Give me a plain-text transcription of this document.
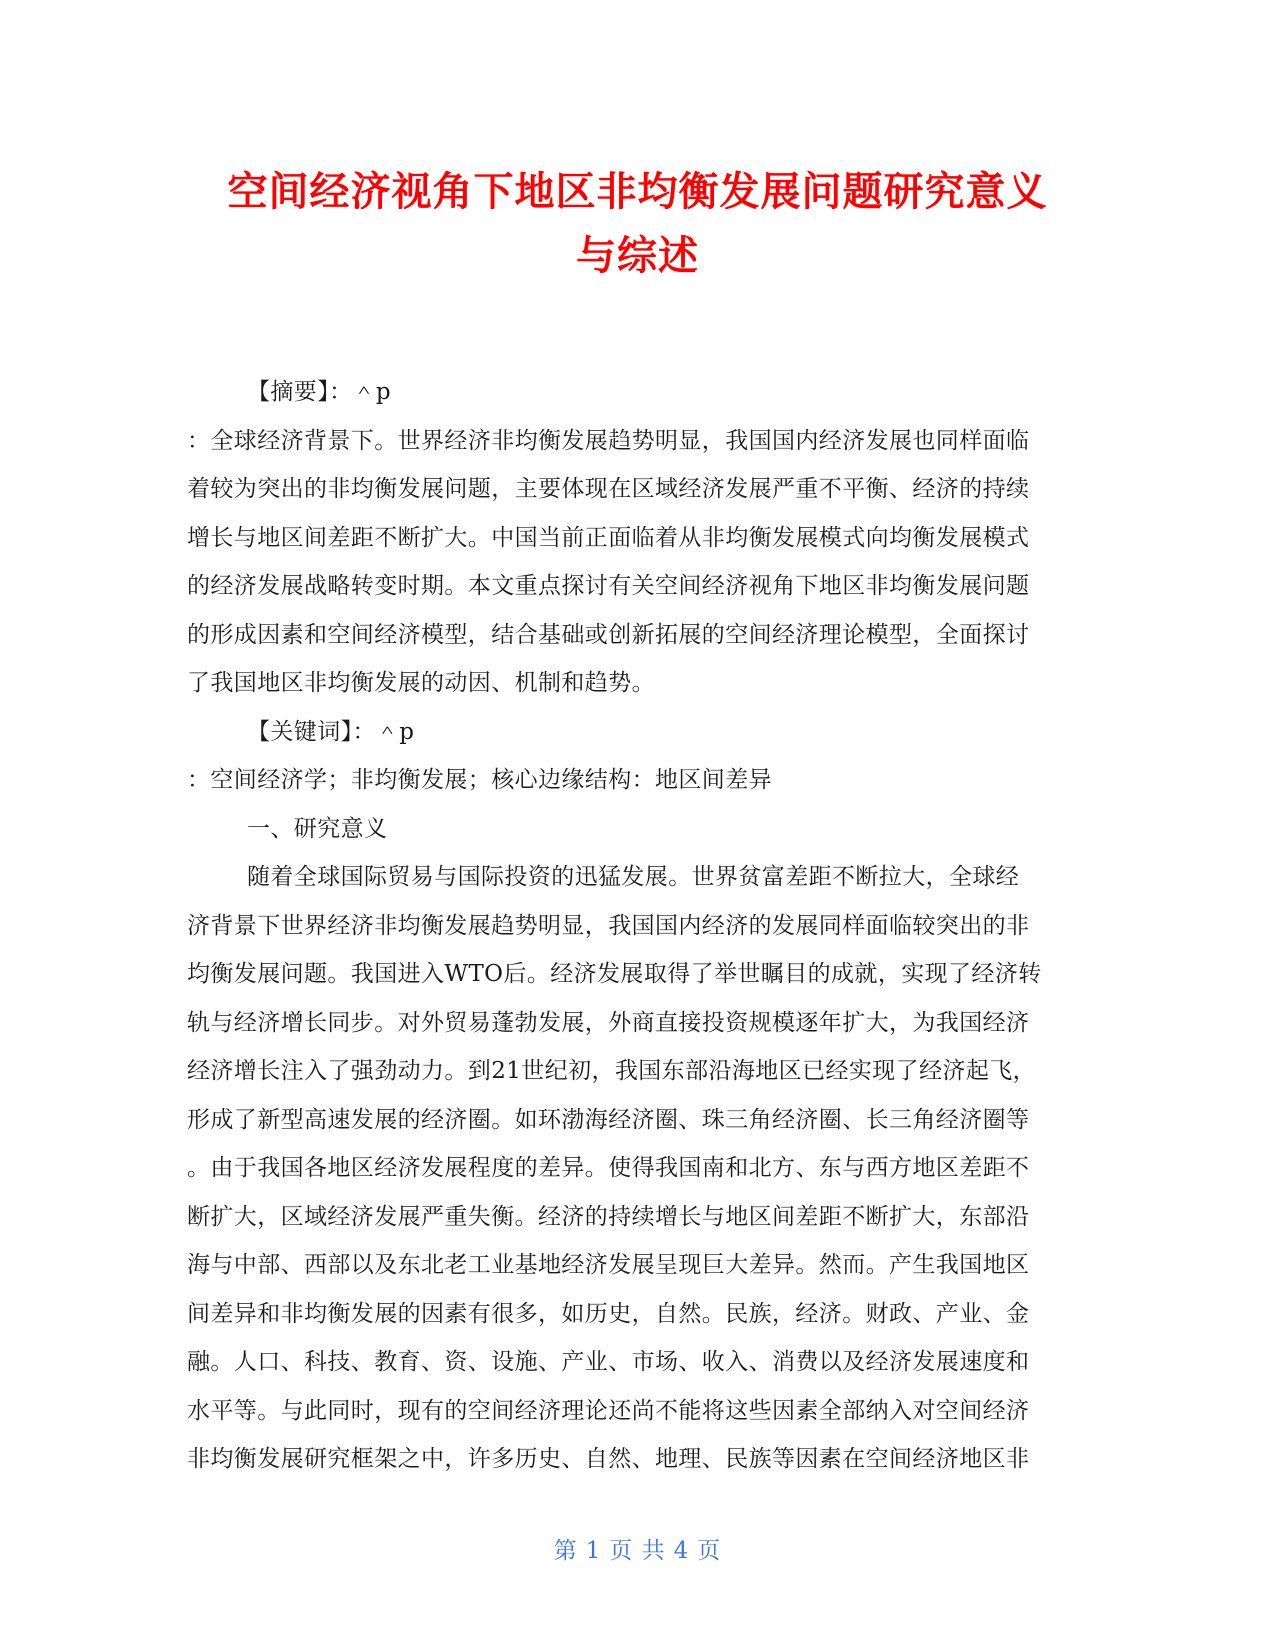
空间经济视角下地区非均衡发展问题研究意义
与综述

【摘要】：＾p

：全球经济背景下。世界经济非均衡发展趋势明显，我国国内经济发展也同样面临

着较为突出的非均衡发展问题，主要体现在区域经济发展严重不平衡、经济的持续

增长与地区间差距不断扩大。中国当前正面临着从非均衡发展模式向均衡发展模式

的经济发展战略转变时期。本文重点探讨有关空间经济视角下地区非均衡发展问题

的形成因素和空间经济模型，结合基础或创新拓展的空间经济理论模型，全面探讨

了我国地区非均衡发展的动因、机制和趋势。

【关键词】：＾p

：空间经济学；非均衡发展；核心边缘结构：地区间差异

一、研究意义

随着全球国际贸易与国际投资的迅猛发展。世界贫富差距不断拉大，全球经

济背景下世界经济非均衡发展趋势明显，我国国内经济的发展同样面临较突出的非

均衡发展问题。我国进入WTO后。经济发展取得了举世瞩目的成就，实现了经济转

轨与经济增长同步。对外贸易蓬勃发展，外商直接投资规模逐年扩大，为我国经济

经济增长注入了强劲动力。到21世纪初，我国东部沿海地区已经实现了经济起飞，

形成了新型高速发展的经济圈。如环渤海经济圈、珠三角经济圈、长三角经济圈等

。由于我国各地区经济发展程度的差异。使得我国南和北方、东与西方地区差距不

断扩大，区域经济发展严重失衡。经济的持续增长与地区间差距不断扩大，东部沿

海与中部、西部以及东北老工业基地经济发展呈现巨大差异。然而。产生我国地区

间差异和非均衡发展的因素有很多，如历史，自然。民族，经济。财政、产业、金

融。人口、科技、教育、资、设施、产业、市场、收入、消费以及经济发展速度和

水平等。与此同时，现有的空间经济理论还尚不能将这些因素全部纳入对空间经济

非均衡发展研究框架之中，许多历史、自然、地理、民族等因素在空间经济地区非

第 1 页 共 4 页
